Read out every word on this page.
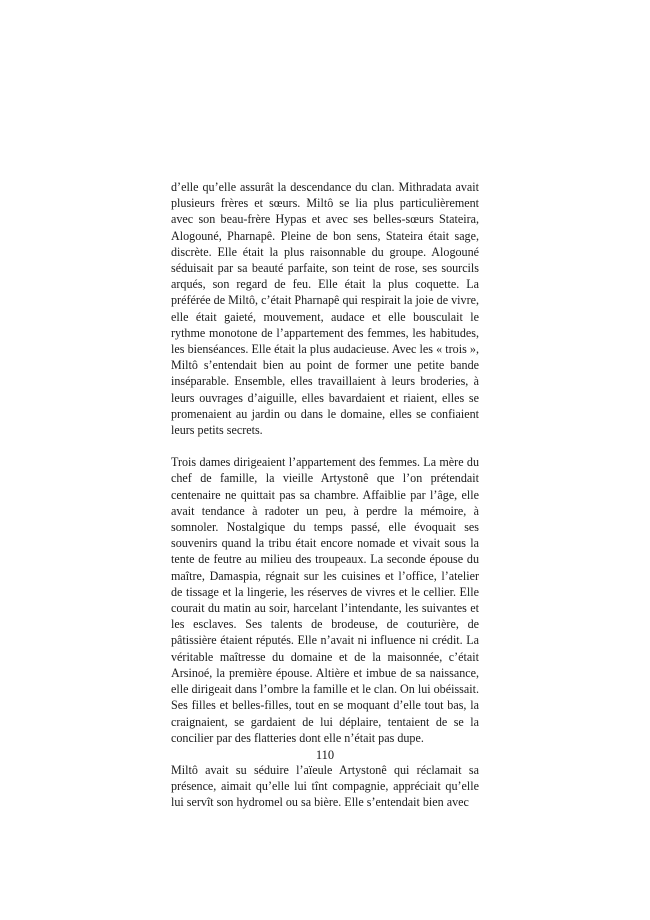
d’elle qu’elle assurât la descendance du clan. Mithradata avait plusieurs frères et sœurs. Miltô se lia plus particulièrement avec son beau-frère Hypas et avec ses belles-sœurs Stateira, Alogouné, Pharnapê. Pleine de bon sens, Stateira était sage, discrète. Elle était la plus raisonnable du groupe. Alogouné séduisait par sa beauté parfaite, son teint de rose, ses sourcils arqués, son regard de feu. Elle était la plus coquette. La préférée de Miltô, c’était Pharnapê qui respirait la joie de vivre, elle était gaieté, mouvement, audace et elle bousculait le rythme monotone de l’appartement des femmes, les habitudes, les bienséances. Elle était la plus audacieuse. Avec les « trois », Miltô s’entendait bien au point de former une petite bande inséparable. Ensemble, elles travaillaient à leurs broderies, à leurs ouvrages d’aiguille, elles bavardaient et riaient, elles se promenaient au jardin ou dans le domaine, elles se confiaient leurs petits secrets.

Trois dames dirigeaient l’appartement des femmes. La mère du chef de famille, la vieille Artystonê que l’on prétendait centenaire ne quittait pas sa chambre. Affaiblie par l’âge, elle avait tendance à radoter un peu, à perdre la mémoire, à somnoler. Nostalgique du temps passé, elle évoquait ses souvenirs quand la tribu était encore nomade et vivait sous la tente de feutre au milieu des troupeaux. La seconde épouse du maître, Damaspia, régnait sur les cuisines et l’office, l’atelier de tissage et la lingerie, les réserves de vivres et le cellier. Elle courait du matin au soir, harcelant l’intendante, les suivantes et les esclaves. Ses talents de brodeuse, de couturière, de pâtissière étaient réputés. Elle n’avait ni influence ni crédit. La véritable maîtresse du domaine et de la maisonnée, c’était Arsinoé, la première épouse. Altière et imbue de sa naissance, elle dirigeait dans l’ombre la famille et le clan. On lui obéissait. Ses filles et belles-filles, tout en se moquant d’elle tout bas, la craignaient, se gardaient de lui déplaire, tentaient de se la concilier par des flatteries dont elle n’était pas dupe.

Miltô avait su séduire l’aïeule Artystonê qui réclamait sa présence, aimait qu’elle lui tînt compagnie, appréciait qu’elle lui servît son hydromel ou sa bière. Elle s’entendait bien avec

110
